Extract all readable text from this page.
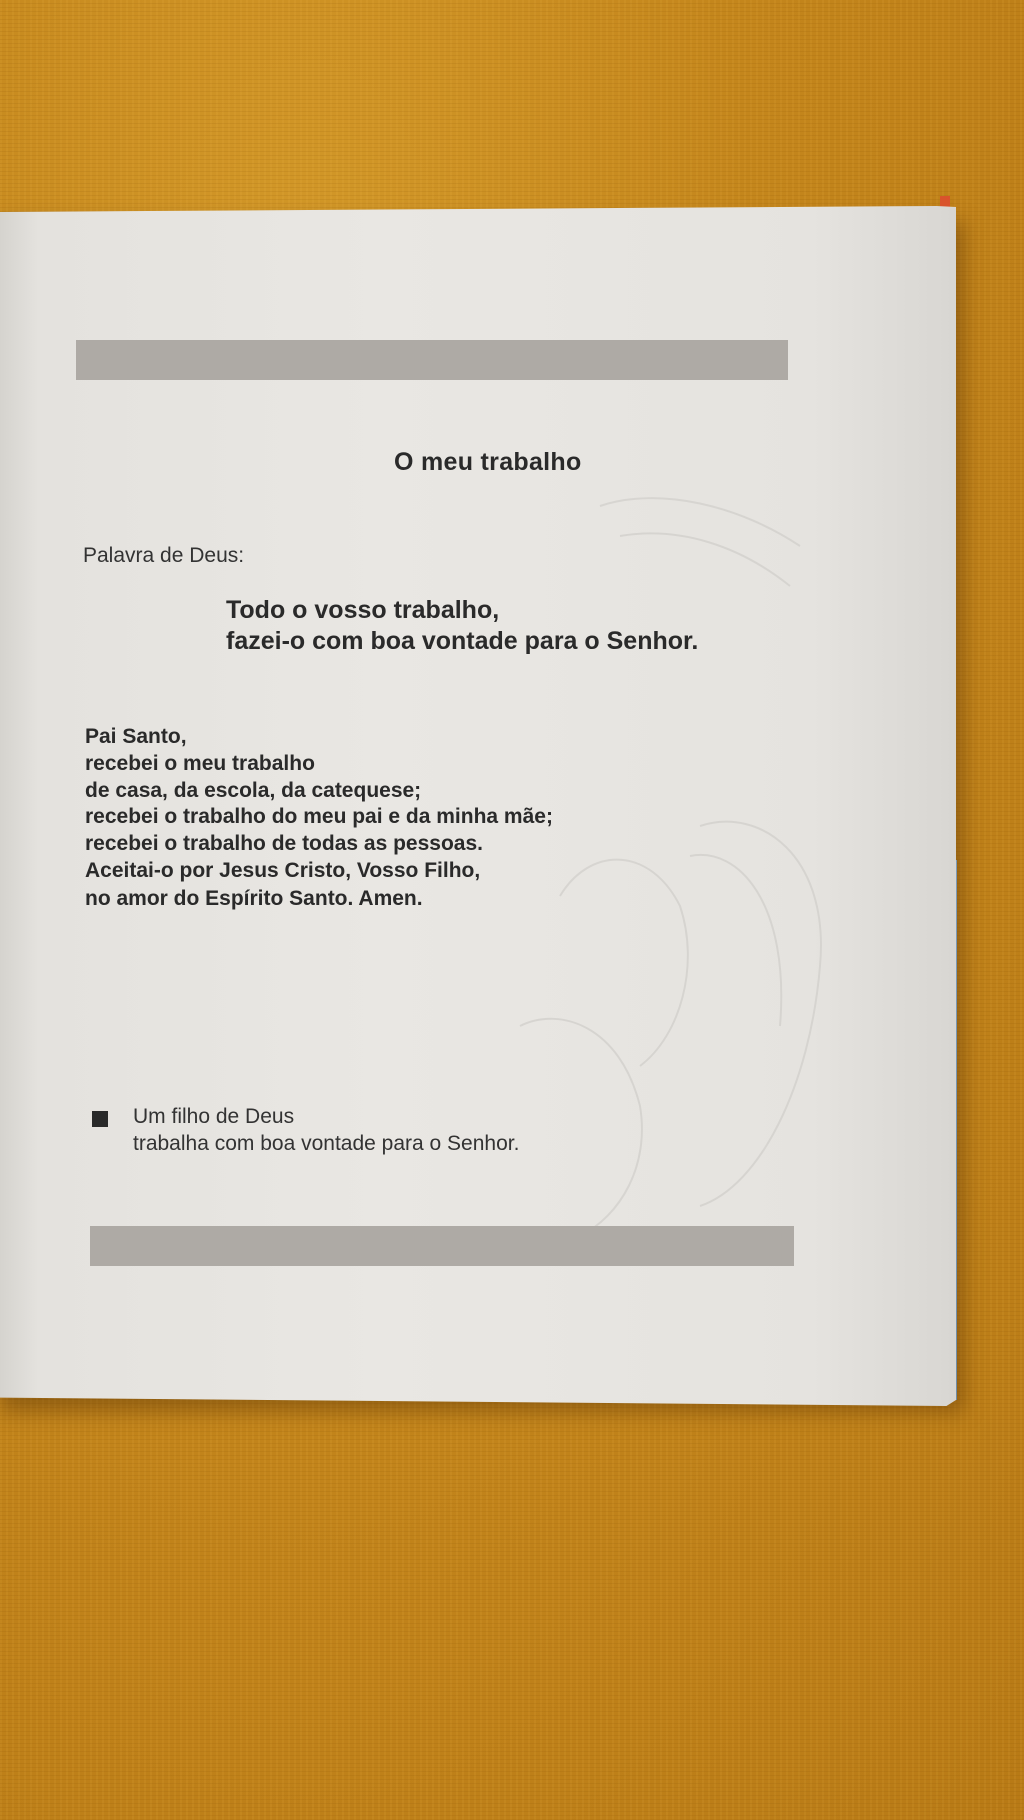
O meu trabalho
Palavra de Deus:
Todo o vosso trabalho,
fazei-o com boa vontade para o Senhor.
Pai Santo,
recebei o meu trabalho
de casa, da escola, da catequese;
recebei o trabalho do meu pai e da minha mãe;
recebei o trabalho de todas as pessoas.
Aceitai-o por Jesus Cristo, Vosso Filho,
no amor do Espírito Santo. Amen.
Um filho de Deus
trabalha com boa vontade para o Senhor.
